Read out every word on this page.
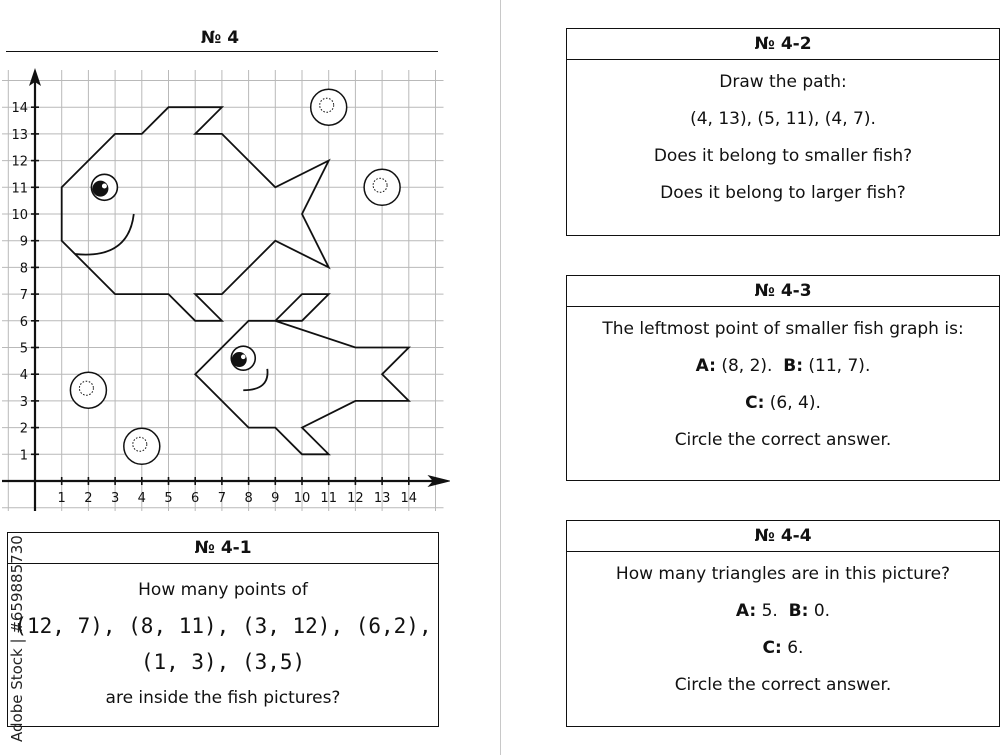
№ 4
1 2 3 4 5 6 7 8 9 10 11 12 13 14
1
2
3
4
5
6
7
8
9
10
11
12
13
14
№ 4-1
How many points of
(12, 7), (8, 11), (3, 12), (6,2),
(1, 3), (3,5)
are inside the fish pictures?
№ 4-2
Draw the path:
(4, 13), (5, 11), (4, 7).
Does it belong to smaller fish?
Does it belong to larger fish?
№ 4-3
The leftmost point of smaller fish graph is:
A: (8, 2). B: (11, 7).
C: (6, 4).
Circle the correct answer.
№ 4-4
How many triangles are in this picture?
A: 5. B: 0.
C: 6.
Circle the correct answer.
Adobe Stock | #659885730
